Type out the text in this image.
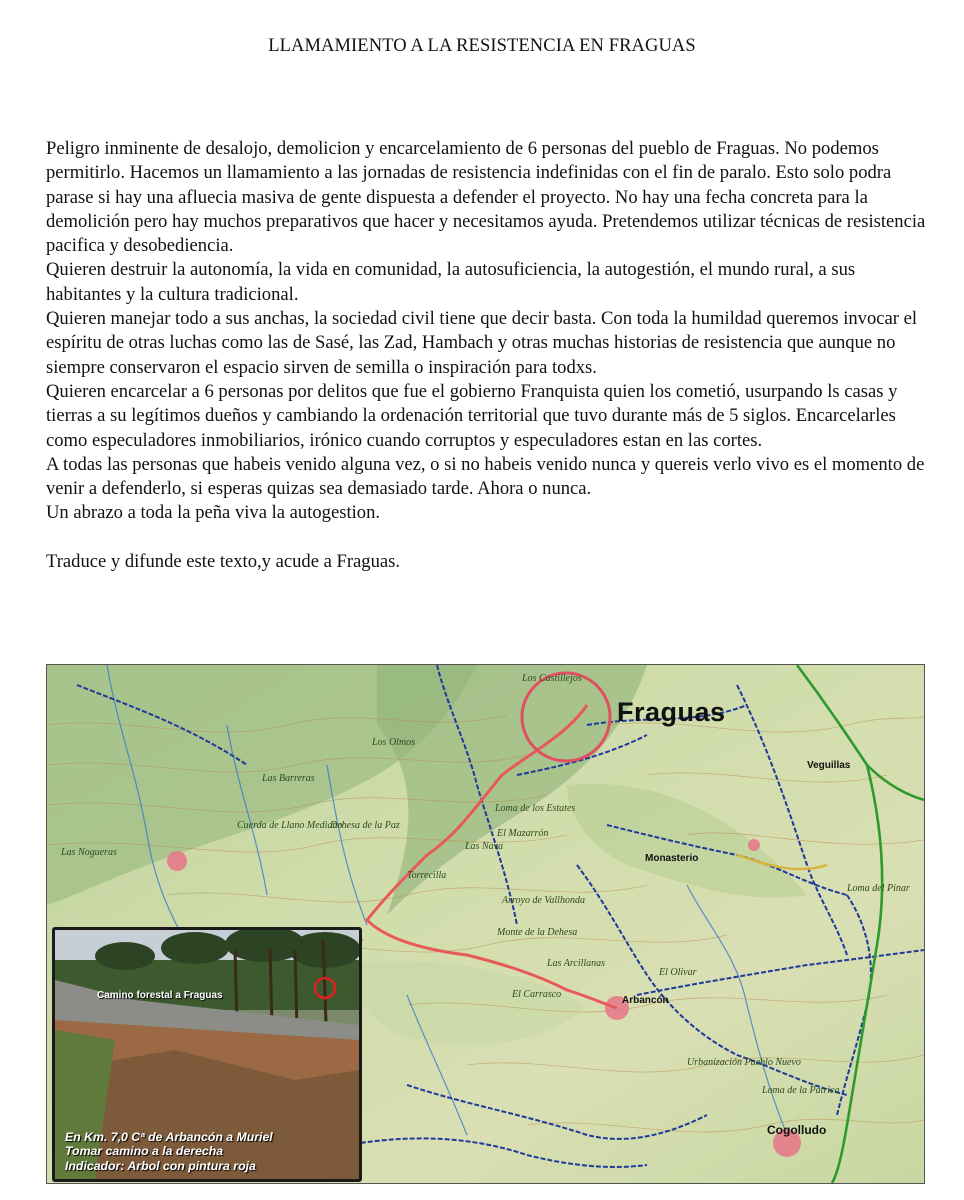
LLAMAMIENTO A LA RESISTENCIA EN FRAGUAS

Peligro inminente de desalojo, demolicion y encarcelamiento de 6 personas del pueblo de Fraguas. No podemos permitirlo. Hacemos un llamamiento a las jornadas de resistencia indefinidas con el fin de paralo. Esto solo podra parase si hay una afluecia masiva de gente dispuesta a defender el proyecto. No hay una fecha concreta para la demolición pero hay muchos preparativos que hacer y necesitamos ayuda. Pretendemos utilizar técnicas de resistencia pacifica y desobediencia.

Quieren destruir la autonomía, la vida en comunidad, la autosuficiencia, la autogestión, el mundo rural, a sus habitantes y la cultura tradicional.

Quieren manejar todo a sus anchas, la sociedad civil tiene que decir basta. Con toda la humildad queremos invocar el espíritu de otras luchas como las de Sasé, las Zad, Hambach y otras muchas historias de resistencia que aunque no siempre conservaron el espacio sirven de semilla o inspiración para todxs.

Quieren encarcelar a 6 personas por delitos que fue el gobierno Franquista quien los cometió, usurpando ls casas y tierras a su legítimos dueños y cambiando la ordenación territorial que tuvo durante más de 5 siglos. Encarcelarles como especuladores inmobiliarios, irónico cuando corruptos y especuladores estan en las cortes.

A todas las personas que habeis venido alguna vez, o si no habeis venido nunca y quereis verlo vivo es el momento de venir a defenderlo, si esperas quizas sea demasiado tarde. Ahora o nunca.

Un abrazo a toda la peña viva la autogestion.

Traduce y difunde este texto,y acude a Fraguas.

Fraguas
Monasterio
Arbancón
Cogolludo
Veguillas
Loma de los Estates
Las Nava
Torrecilla
Los Olmos
Las Barreras
Monte de la Dehesa
Las Arcillanas
Dehesa de la Paz
El Mazarrón
Arroyo de Vallhonda
Loma del Pinar
El Olivar
Urbanización Pueblo Nuevo
Loma de la Patrica
El Carrasco
Cuerda de Llano Mediano
Las Nogueras
Los Castillejos
Camino forestal a Fraguas
En Km. 7,0 Cª de Arbancón a Muriel
Tomar camino a la derecha
Indicador: Arbol con pintura roja
